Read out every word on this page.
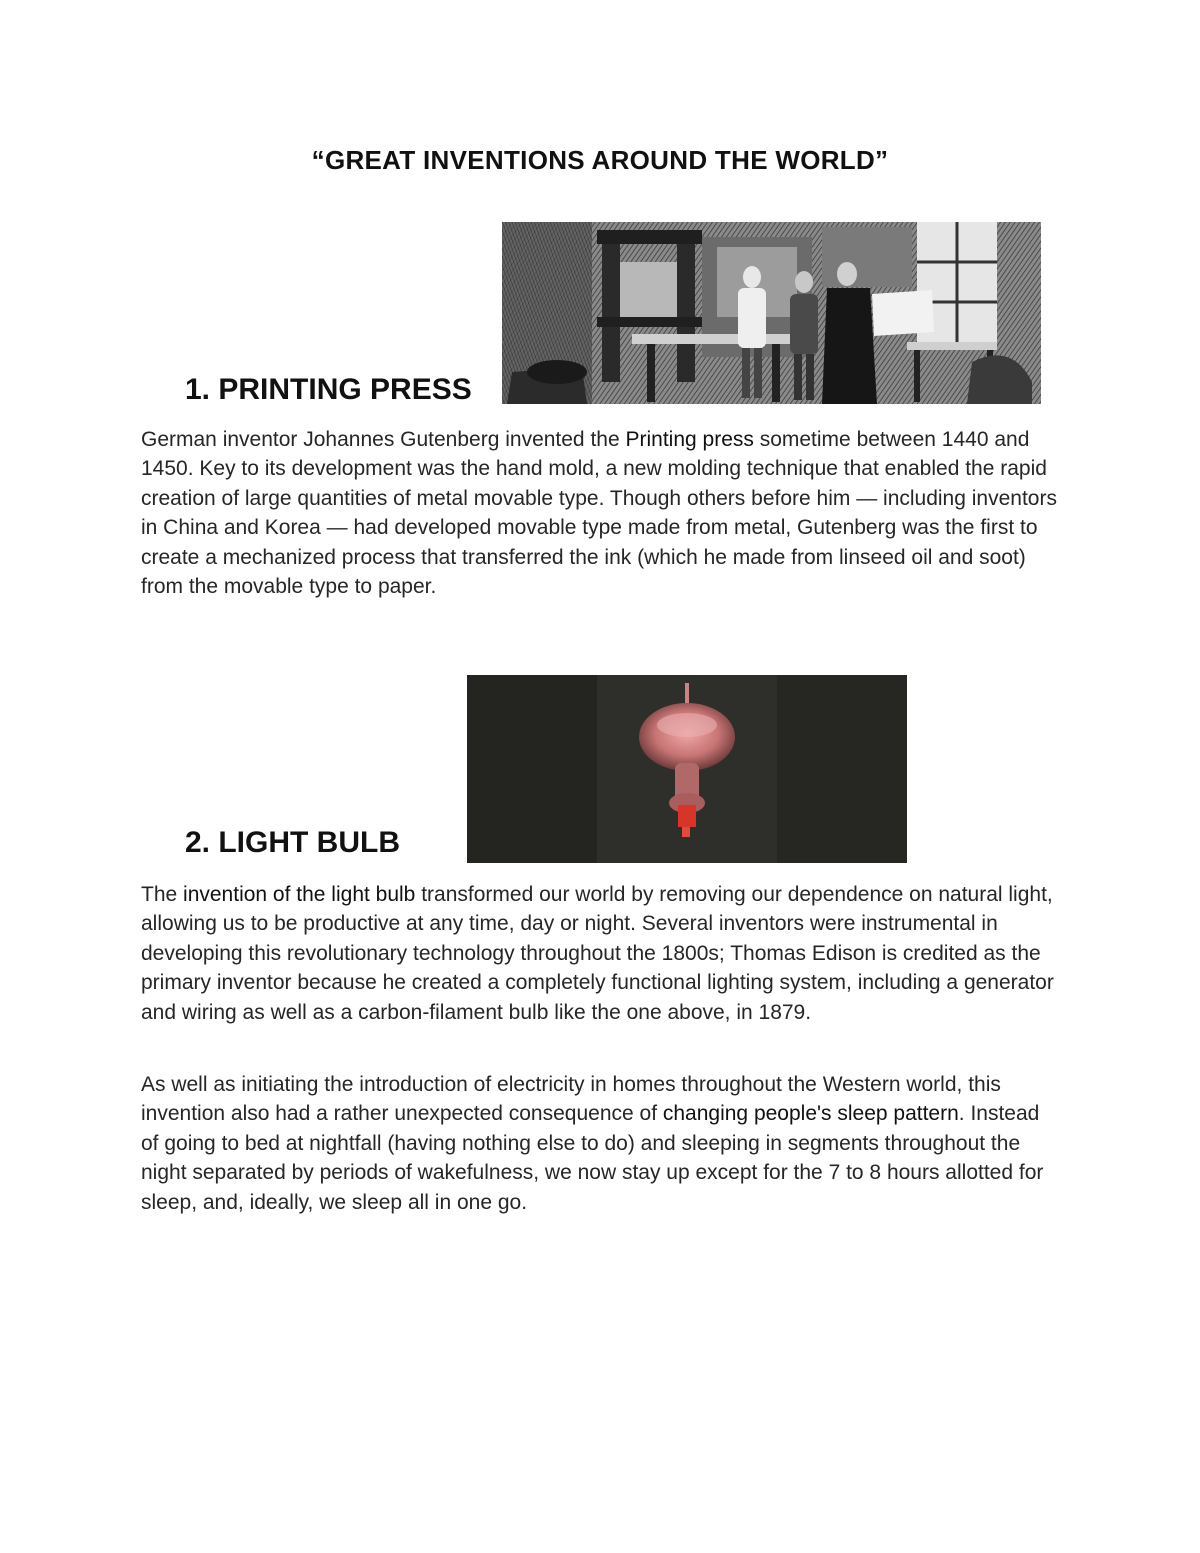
“GREAT INVENTIONS AROUND THE WORLD”
1. PRINTING PRESS

German inventor Johannes Gutenberg invented the Printing press sometime between 1440 and 1450. Key to its development was the hand mold, a new molding technique that enabled the rapid creation of large quantities of metal movable type. Though others before him — including inventors in China and Korea — had developed movable type made from metal, Gutenberg was the first to create a mechanized process that transferred the ink (which he made from linseed oil and soot) from the movable type to paper.

2. LIGHT BULB

The invention of the light bulb transformed our world by removing our dependence on natural light, allowing us to be productive at any time, day or night. Several inventors were instrumental in developing this revolutionary technology throughout the 1800s; Thomas Edison is credited as the primary inventor because he created a completely functional lighting system, including a generator and wiring as well as a carbon-filament bulb like the one above, in 1879.

As well as initiating the introduction of electricity in homes throughout the Western world, this invention also had a rather unexpected consequence of changing people's sleep pattern. Instead of going to bed at nightfall (having nothing else to do) and sleeping in segments throughout the night separated by periods of wakefulness, we now stay up except for the 7 to 8 hours allotted for sleep, and, ideally, we sleep all in one go.
